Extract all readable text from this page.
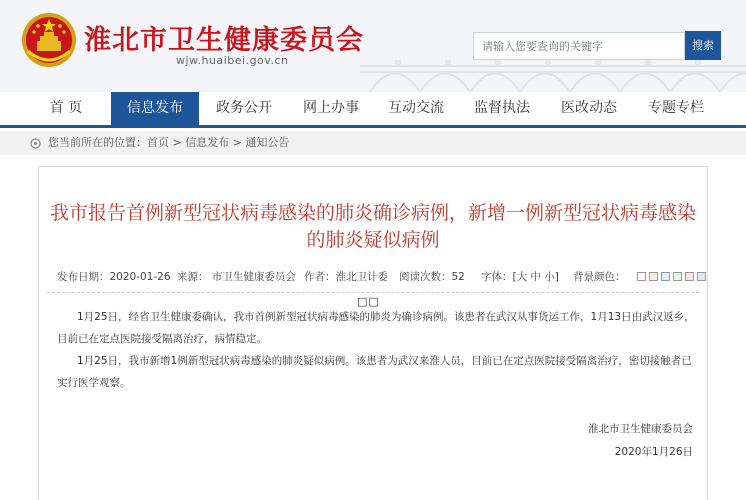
淮北市卫生健康委员会
wjw.huaibei.gov.cn
请输入您要查询的关键字
搜索
首 页	信息发布	政务公开	网上办事	互动交流	监督执法	医改动态	专题专栏
您当前所在的位置：首页 > 信息发布 > 通知公告
我市报告首例新型冠状病毒感染的肺炎确诊病例，新增一例新型冠状病毒感染的肺炎疑似病例
发布日期：2020-01-26 来源： 市卫生健康委员会 作者：淮北卫计委 阅读次数：52 字体：[大 中 小] 背景颜色：
□□
1月25日，经省卫生健康委确认，我市首例新型冠状病毒感染的肺炎为确诊病例。该患者在武汉从事货运工作，1月13日由武汉返乡，目前已在定点医院接受隔离治疗，病情稳定。
1月25日，我市新增1例新型冠状病毒感染的肺炎疑似病例。该患者为武汉来淮人员，目前已在定点医院接受隔离治疗，密切接触者已实行医学观察。
淮北市卫生健康委员会
2020年1月26日
